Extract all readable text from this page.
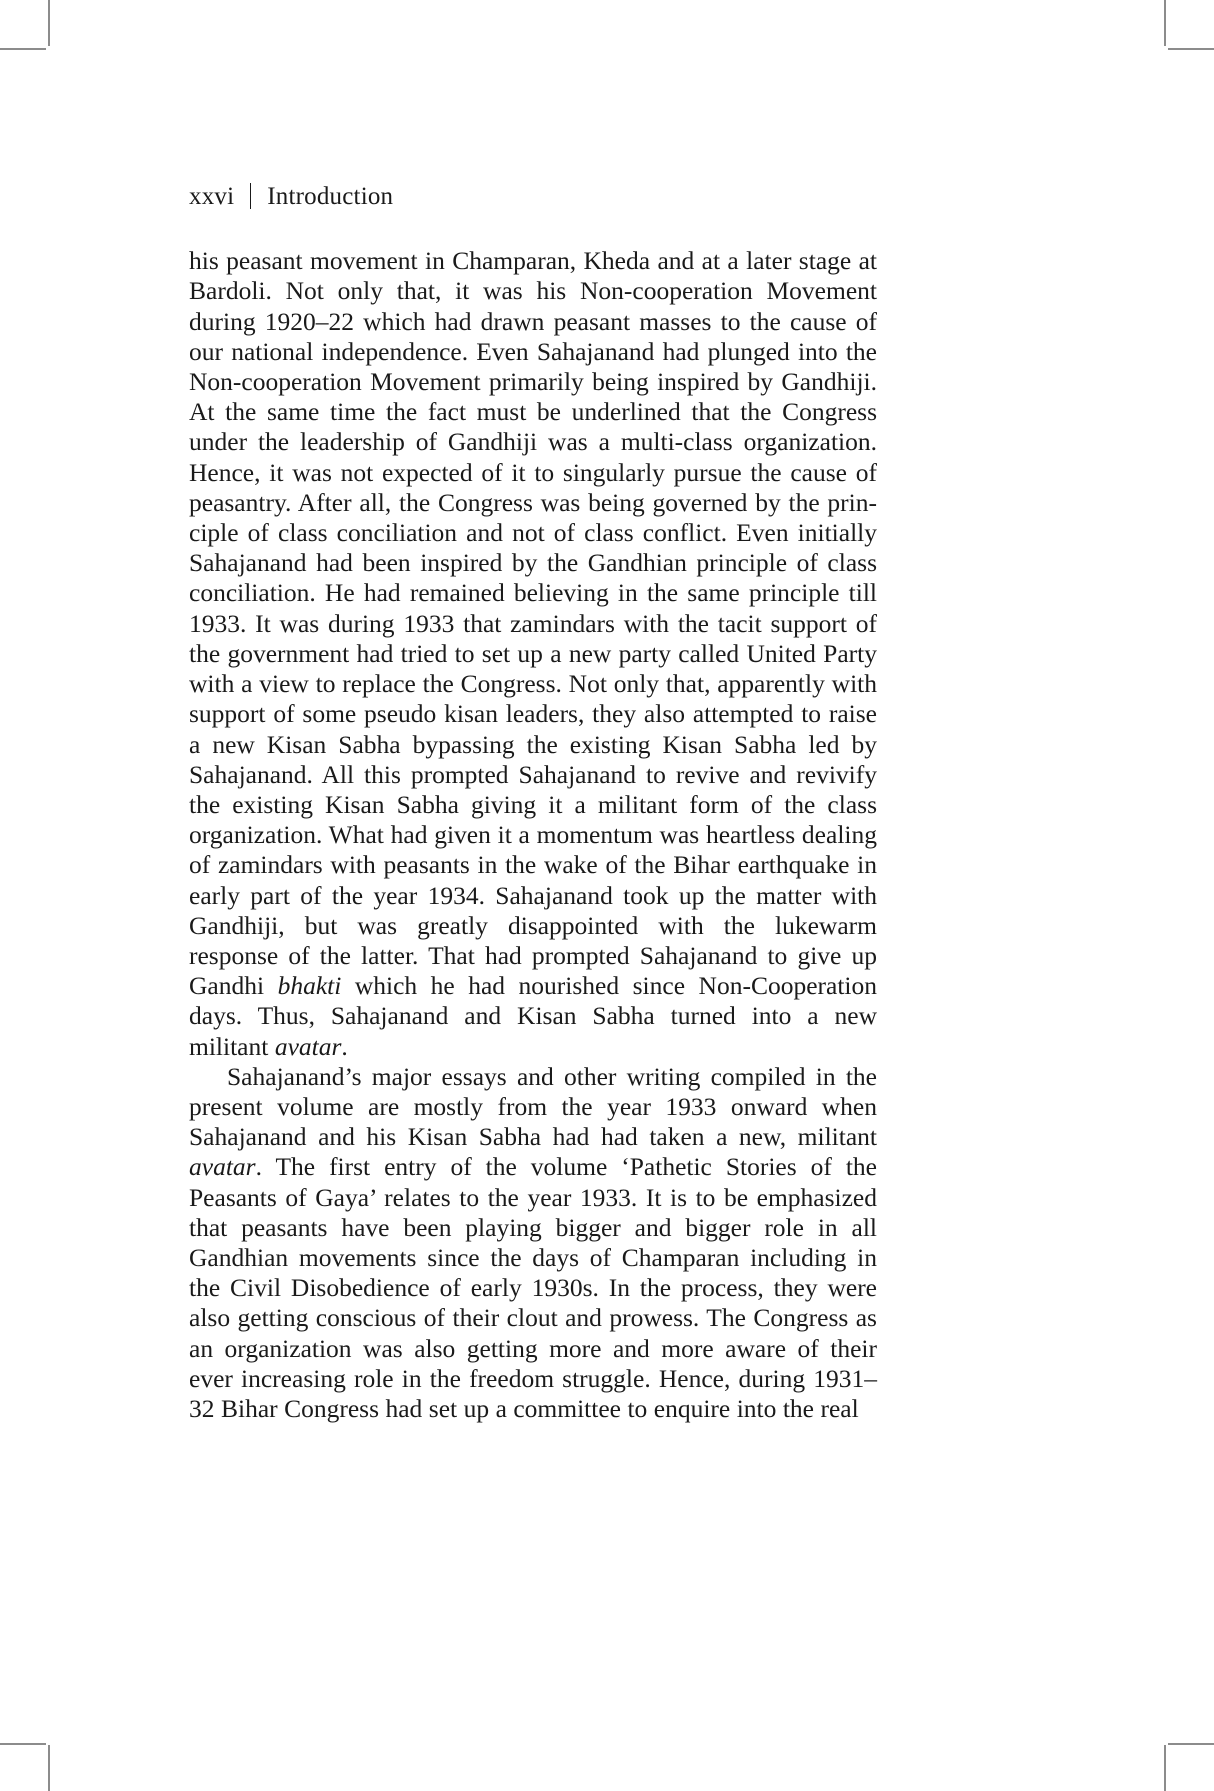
xxvi Introduction

his peasant movement in Champaran, Kheda and at a later stage at Bardoli. Not only that, it was his Non-cooperation Movement during 1920–22 which had drawn peasant masses to the cause of our national independence. Even Sahajanand had plunged into the Non-cooperation Movement primarily being inspired by Gandhiji. At the same time the fact must be underlined that the Congress under the leadership of Gandhiji was a multi-class organization. Hence, it was not expected of it to singularly pursue the cause of peasantry. After all, the Congress was being governed by the prin-ciple of class conciliation and not of class conflict. Even initially Sahajanand had been inspired by the Gandhian principle of class conciliation. He had remained believing in the same principle till 1933. It was during 1933 that zamindars with the tacit support of the government had tried to set up a new party called United Party with a view to replace the Congress. Not only that, apparently with support of some pseudo kisan leaders, they also attempted to raise a new Kisan Sabha bypassing the existing Kisan Sabha led by Sahajanand. All this prompted Sahajanand to revive and revivify the existing Kisan Sabha giving it a militant form of the class organization. What had given it a momentum was heartless dealing of zamindars with peasants in the wake of the Bihar earthquake in early part of the year 1934. Sahajanand took up the matter with Gandhiji, but was greatly disappointed with the lukewarm response of the latter. That had prompted Sahajanand to give up Gandhi bhakti which he had nourished since Non-Cooperation days. Thus, Sahajanand and Kisan Sabha turned into a new militant avatar.

Sahajanand’s major essays and other writing compiled in the present volume are mostly from the year 1933 onward when Sahajanand and his Kisan Sabha had had taken a new, militant avatar. The first entry of the volume ‘Pathetic Stories of the Peasants of Gaya’ relates to the year 1933. It is to be emphasized that peasants have been playing bigger and bigger role in all Gandhian movements since the days of Champaran including in the Civil Disobedience of early 1930s. In the process, they were also getting conscious of their clout and prowess. The Congress as an organization was also getting more and more aware of their ever increasing role in the freedom struggle. Hence, during 1931–32 Bihar Congress had set up a committee to enquire into the real
